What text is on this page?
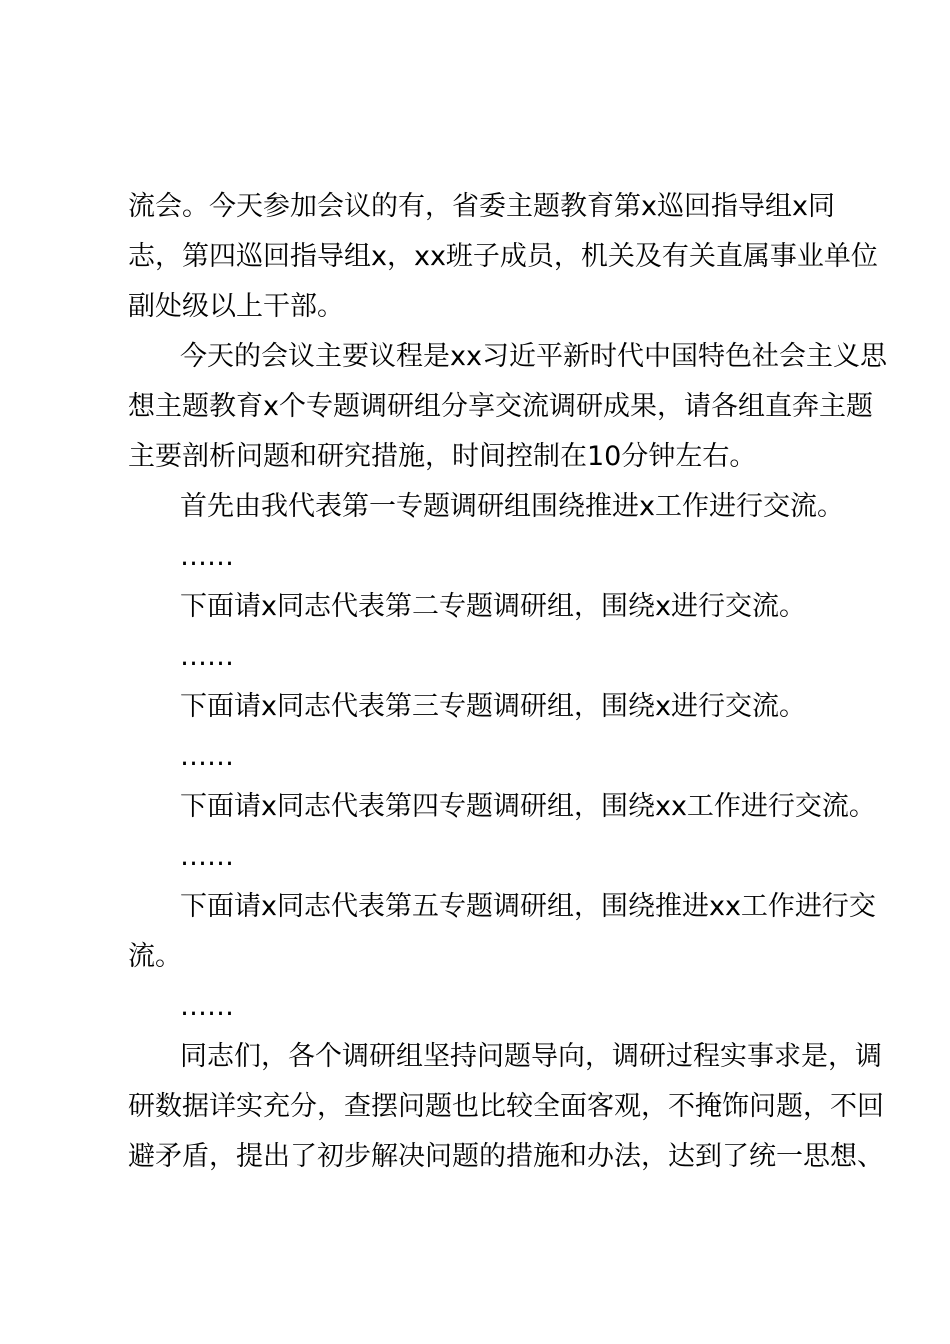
流会。今天参加会议的有，省委主题教育第x巡回指导组x同
志，第四巡回指导组x，xx班子成员，机关及有关直属事业单位
副处级以上干部。
今天的会议主要议程是xx习近平新时代中国特色社会主义思
想主题教育x个专题调研组分享交流调研成果，请各组直奔主题
主要剖析问题和研究措施，时间控制在10分钟左右。
首先由我代表第一专题调研组围绕推进x工作进行交流。
……
下面请x同志代表第二专题调研组，围绕x进行交流。
……
下面请x同志代表第三专题调研组，围绕x进行交流。
……
下面请x同志代表第四专题调研组，围绕xx工作进行交流。
……
下面请x同志代表第五专题调研组，围绕推进xx工作进行交
流。
……
同志们，各个调研组坚持问题导向，调研过程实事求是，调
研数据详实充分，查摆问题也比较全面客观，不掩饰问题，不回
避矛盾，提出了初步解决问题的措施和办法，达到了统一思想、
